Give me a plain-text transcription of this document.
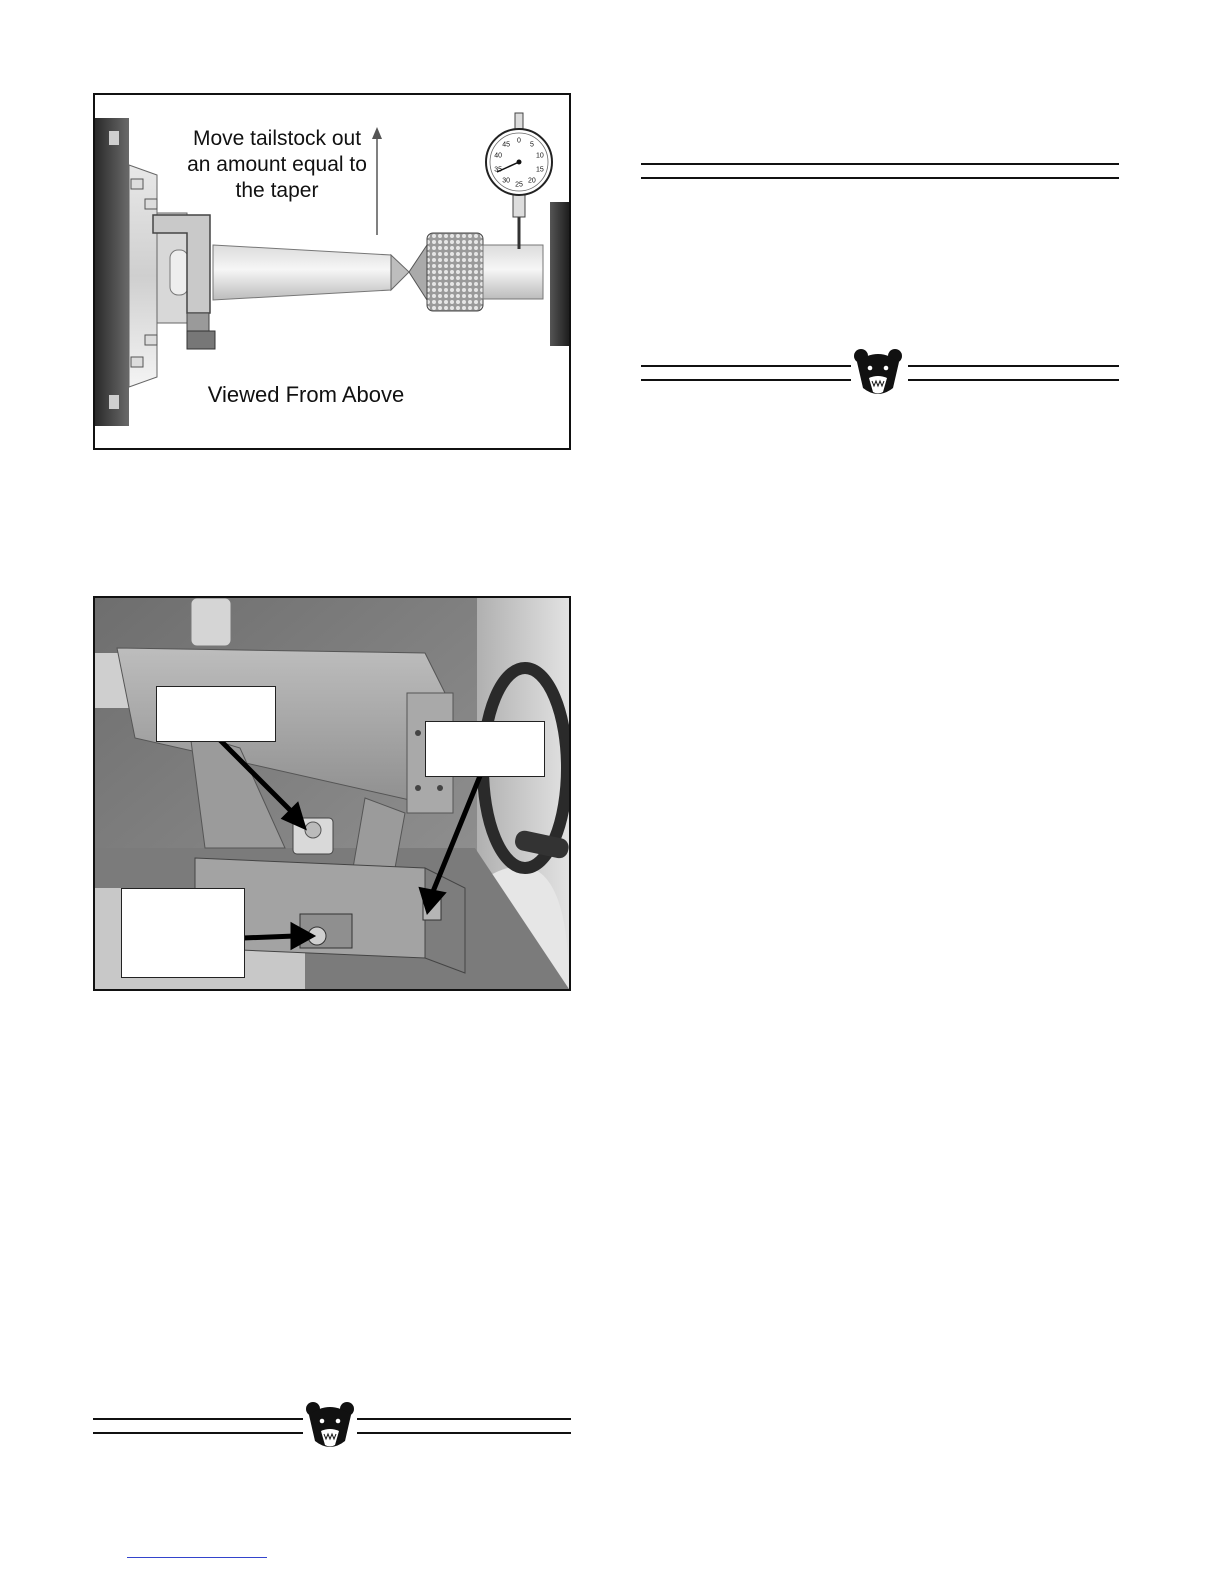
0
5
10
15
20
25
30
35
40
45
Move tailstock out an amount equal to the taper
Viewed From Above
